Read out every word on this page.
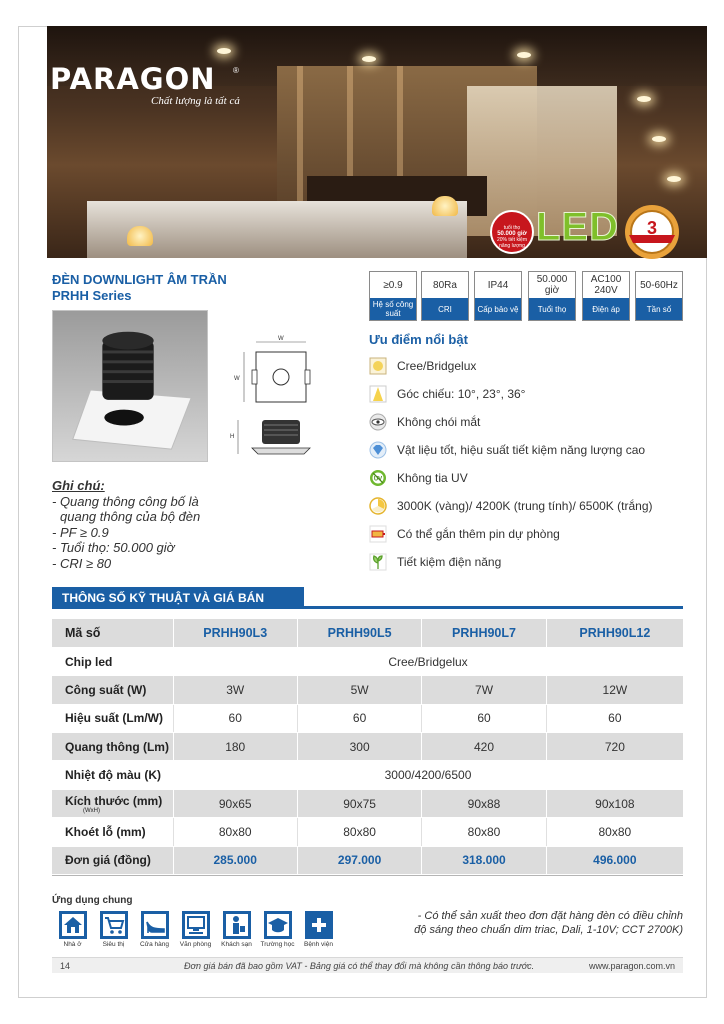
PARAGON ®
Chất lượng là tất cả
tuổi thọ
50.000 giờ
20% tiết kiệm năng lượng LED 3
ĐÈN DOWNLIGHT ÂM TRẦN
PRHH Series
≥0.9
Hệ số công suất
80Ra
CRI
IP44
Cấp bảo vệ
50.000 giờ
Tuổi thọ
AC100 240V
Điện áp
50-60Hz
Tần số
W
W
H
Ghi chú:
- Quang thông công bố là
quang thông của bộ đèn
- PF ≥ 0.9
- Tuổi thọ: 50.000 giờ
- CRI ≥ 80
Ưu điểm nổi bật
Cree/Bridgelux
Góc chiếu: 10°, 23°, 36°
Không chói mắt
Vật liệu tốt, hiệu suất tiết kiệm năng lượng cao
UV Không tia UV
3000K (vàng)/ 4200K (trung tính)/ 6500K (trắng)
Có thể gắn thêm pin dự phòng
Tiết kiệm điện năng
THÔNG SỐ KỸ THUẬT VÀ GIÁ BÁN
Mã số	PRHH90L3	PRHH90L5	PRHH90L7	PRHH90L12
Chip led	Cree/Bridgelux			
Công suất (W)	3W	5W	7W	12W
Hiệu suất (Lm/W)	60	60	60	60
Quang thông (Lm)	180	300	420	720
Nhiệt độ màu (K)	3000/4200/6500			
Kích thước (mm)
(WxH)	90x65	90x75	90x88	90x108
Khoét lỗ (mm)	80x80	80x80	80x80	80x80
Đơn giá (đồng)	285.000	297.000	318.000	496.000
Ứng dụng chung
Nhà ở	Siêu thị	Cửa hàng	Văn phòng	Khách sạn	Trường học	Bệnh viện
- Có thể sản xuất theo đơn đặt hàng đèn có điều chỉnh
độ sáng theo chuẩn dim triac, Dali, 1-10V; CCT 2700K)
14	Đơn giá bán đã bao gồm VAT - Bảng giá có thể thay đổi mà không cần thông báo trước.	www.paragon.com.vn
